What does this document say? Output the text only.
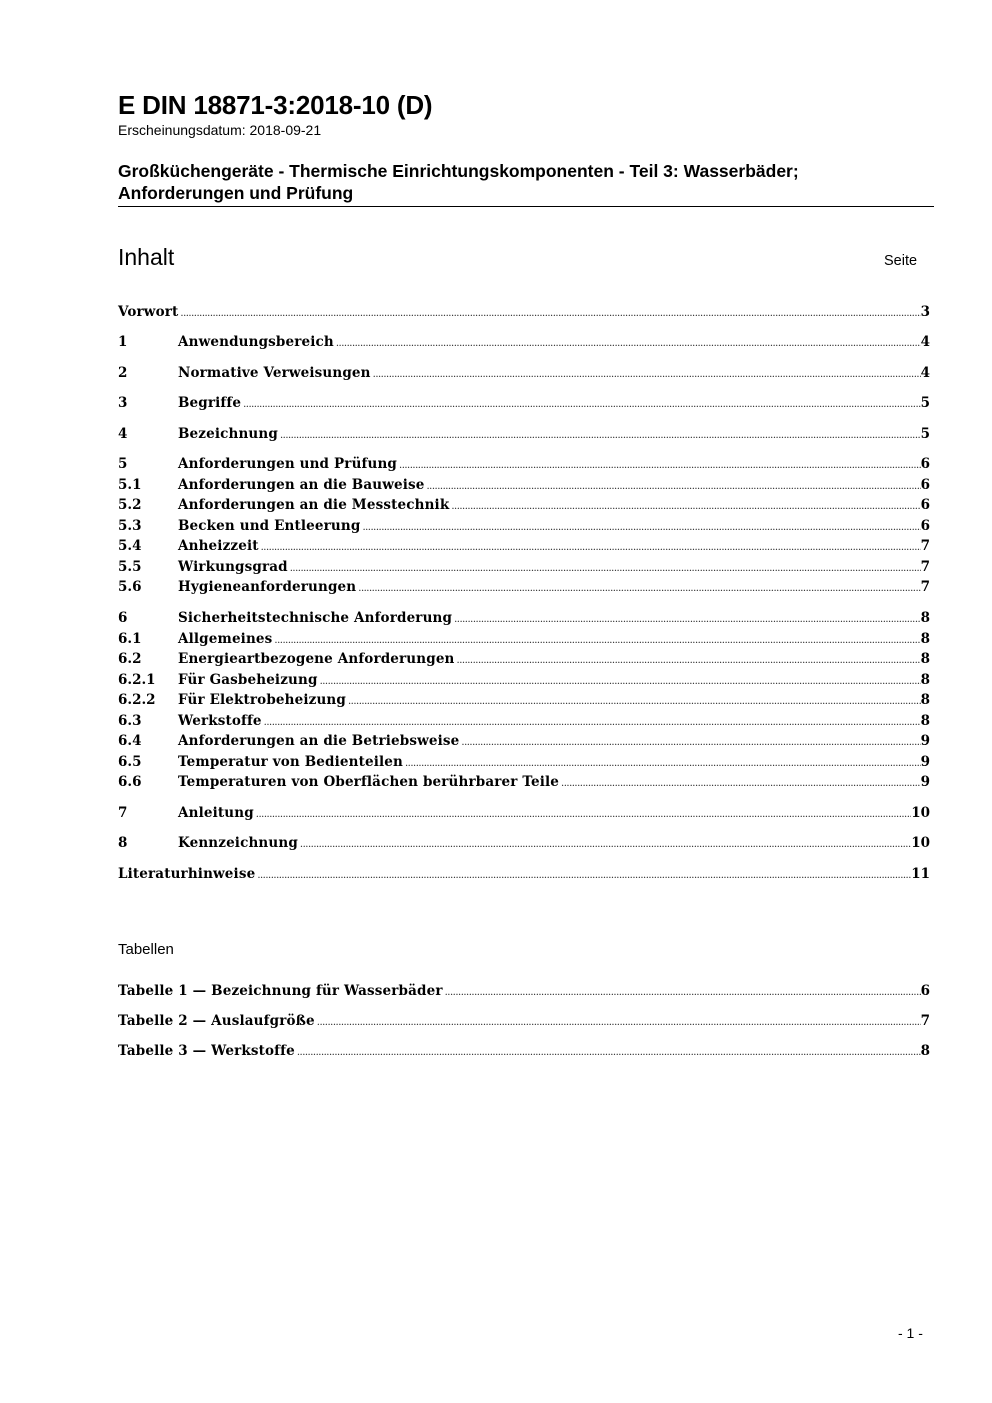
E DIN 18871-3:2018-10 (D)
Erscheinungsdatum: 2018-09-21
Großküchengeräte - Thermische Einrichtungskomponenten - Teil 3: Wasserbäder;
Anforderungen und Prüfung
Inhalt	Seite
Vorwort .....	3
1	Anwendungsbereich .....	4
2	Normative Verweisungen .....	4
3	Begriffe .....	5
4	Bezeichnung .....	5
5	Anforderungen und Prüfung .....	6
5.1	Anforderungen an die Bauweise .....	6
5.2	Anforderungen an die Messtechnik .....	6
5.3	Becken und Entleerung .....	6
5.4	Anheizzeit .....	7
5.5	Wirkungsgrad .....	7
5.6	Hygieneanforderungen .....	7
6	Sicherheitstechnische Anforderung .....	8
6.1	Allgemeines .....	8
6.2	Energieartbezogene Anforderungen .....	8
6.2.1	Für Gasbeheizung .....	8
6.2.2	Für Elektrobeheizung .....	8
6.3	Werkstoffe .....	8
6.4	Anforderungen an die Betriebsweise .....	9
6.5	Temperatur von Bedienteilen .....	9
6.6	Temperaturen von Oberflächen berührbarer Teile .....	9
7	Anleitung .....	10
8	Kennzeichnung .....	10
Literaturhinweise .....	11
Tabellen
Tabelle 1 — Bezeichnung für Wasserbäder .....	6
Tabelle 2 — Auslaufgröße .....	7
Tabelle 3 — Werkstoffe .....	8
- 1 -
